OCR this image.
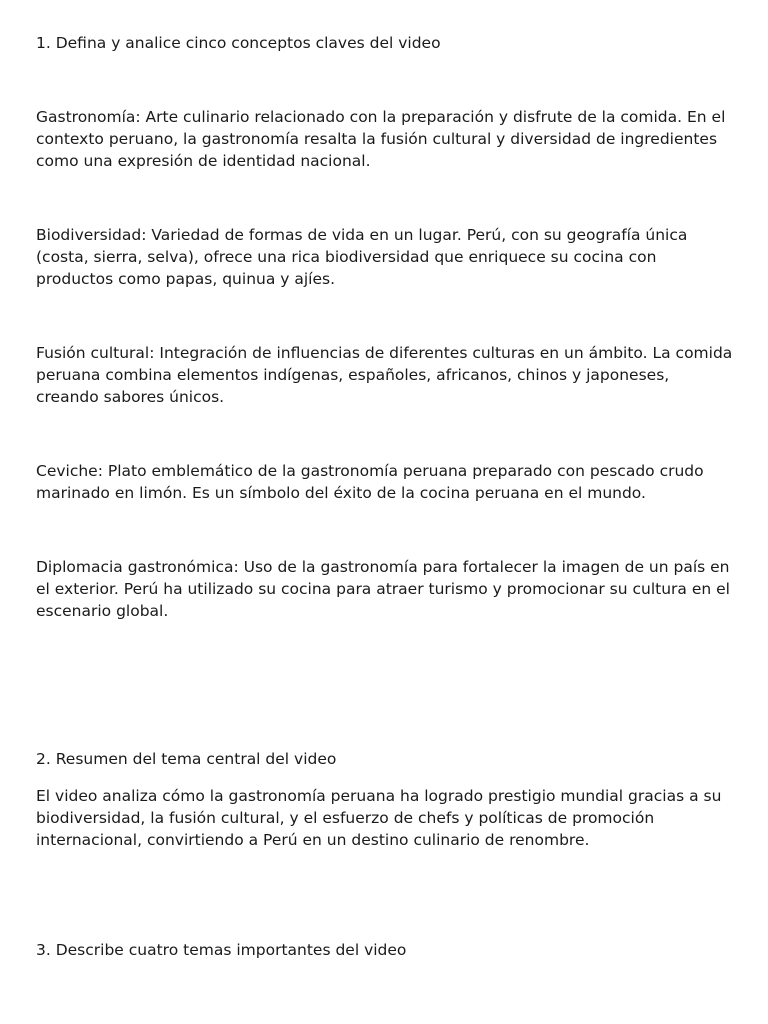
1. Defina y analice cinco conceptos claves del video

Gastronomía: Arte culinario relacionado con la preparación y disfrute de la comida. En el contexto peruano, la gastronomía resalta la fusión cultural y diversidad de ingredientes como una expresión de identidad nacional.

Biodiversidad: Variedad de formas de vida en un lugar. Perú, con su geografía única (costa, sierra, selva), ofrece una rica biodiversidad que enriquece su cocina con productos como papas, quinua y ajíes.

Fusión cultural: Integración de influencias de diferentes culturas en un ámbito. La comida peruana combina elementos indígenas, españoles, africanos, chinos y japoneses, creando sabores únicos.

Ceviche: Plato emblemático de la gastronomía peruana preparado con pescado crudo marinado en limón. Es un símbolo del éxito de la cocina peruana en el mundo.

Diplomacia gastronómica: Uso de la gastronomía para fortalecer la imagen de un país en el exterior. Perú ha utilizado su cocina para atraer turismo y promocionar su cultura en el escenario global.

2. Resumen del tema central del video

El video analiza cómo la gastronomía peruana ha logrado prestigio mundial gracias a su biodiversidad, la fusión cultural, y el esfuerzo de chefs y políticas de promoción internacional, convirtiendo a Perú en un destino culinario de renombre.

3. Describe cuatro temas importantes del video
